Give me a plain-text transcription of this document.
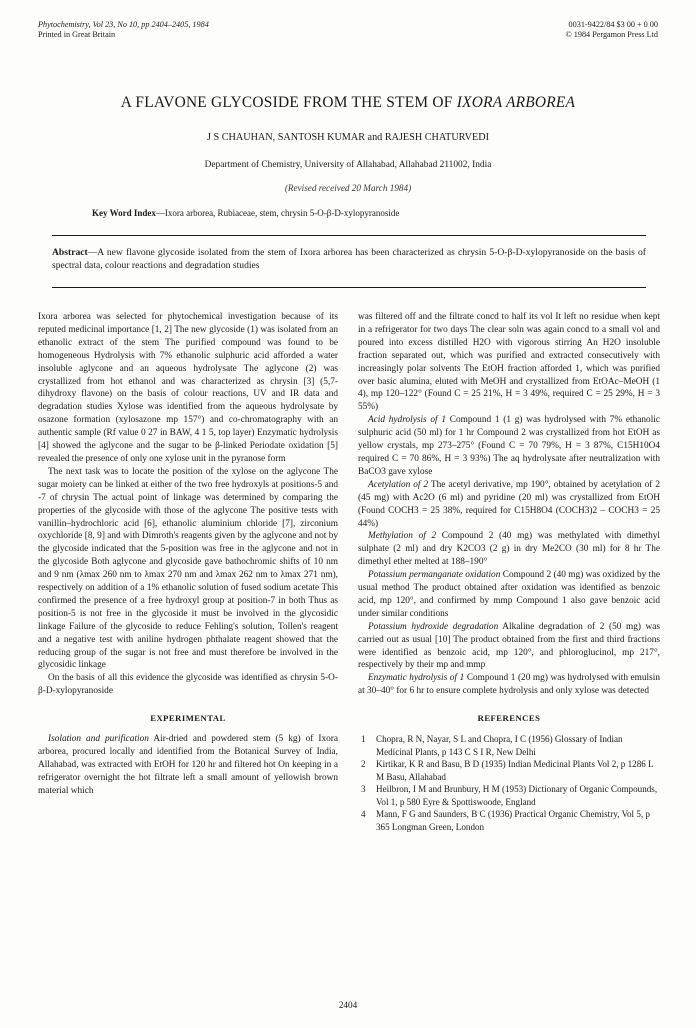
Phytochemistry, Vol 23, No 10, pp 2404–2405, 1984
Printed in Great Britain
0031-9422/84 $3 00 + 0 00
© 1984 Pergamon Press Ltd
A FLAVONE GLYCOSIDE FROM THE STEM OF IXORA ARBOREA
J S CHAUHAN, SANTOSH KUMAR and RAJESH CHATURVEDI
Department of Chemistry, University of Allahabad, Allahabad 211002, India
(Revised received 20 March 1984)
Key Word Index—Ixora arborea, Rubiaceae, stem, chrysin 5-O-β-D-xylopyranoside
Abstract—A new flavone glycoside isolated from the stem of Ixora arborea has been characterized as chrysin 5-O-β-D-xylopyranoside on the basis of spectral data, colour reactions and degradation studies

Ixora arborea was selected for phytochemical investigation because of its reputed medicinal importance [1, 2] The new glycoside (1) was isolated from an ethanolic extract of the stem The purified compound was found to be homogeneous Hydrolysis with 7% ethanolic sulphuric acid afforded a water insoluble aglycone and an aqueous hydrolysate The aglycone (2) was crystallized from hot ethanol and was characterized as chrysin [3] (5,7-dihydroxy flavone) on the basis of colour reactions, UV and IR data and degradation studies Xylose was identified from the aqueous hydrolysate by osazone formation (xylosazone mp 157°) and co-chromatography with an authentic sample (Rf value 0 27 in BAW, 4 1 5, top layer) Enzymatic hydrolysis [4] showed the aglycone and the sugar to be β-linked Periodate oxidation [5] revealed the presence of only one xylose unit in the pyranose form

The next task was to locate the position of the xylose on the aglycone The sugar moiety can be linked at either of the two free hydroxyls at positions-5 and -7 of chrysin The actual point of linkage was determined by comparing the properties of the glycoside with those of the aglycone The positive tests with vanillin–hydrochloric acid [6], ethanolic aluminium chloride [7], zirconium oxychloride [8, 9] and with Dimroth's reagents given by the aglycone and not by the glycoside indicated that the 5-position was free in the aglycone and not in the glycoside Both aglycone and glycoside gave bathochromic shifts of 10 nm and 9 nm (λmax 260 nm to λmax 270 nm and λmax 262 nm to λmax 271 nm), respectively on addition of a 1% ethanolic solution of fused sodium acetate This confirmed the presence of a free hydroxyl group at position-7 in both Thus as position-5 is not free in the glycoside it must be involved in the glycosidic linkage Failure of the glycoside to reduce Fehling's solution, Tollen's reagent and a negative test with aniline hydrogen phthalate reagent showed that the reducing group of the sugar is not free and must therefore be involved in the glycosidic linkage

On the basis of all this evidence the glycoside was identified as chrysin 5-O-β-D-xylopyranoside

EXPERIMENTAL

Isolation and purification Air-dried and powdered stem (5 kg) of Ixora arborea, procured locally and identified from the Botanical Survey of India, Allahabad, was extracted with EtOH for 120 hr and filtered hot On keeping in a refrigerator overnight the hot filtrate left a small amount of yellowish brown material which

was filtered off and the filtrate concd to half its vol It left no residue when kept in a refrigerator for two days The clear soln was again concd to a small vol and poured into excess distilled H2O with vigorous stirring An H2O insoluble fraction separated out, which was purified and extracted consecutively with increasingly polar solvents The EtOH fraction afforded 1, which was purified over basic alumina, eluted with MeOH and crystallized from EtOAc–MeOH (1 4), mp 120–122° (Found C = 25 21%, H = 3 49%, required C = 25 29%, H = 3 55%)

Acid hydrolysis of 1 Compound 1 (1 g) was hydrolysed with 7% ethanolic sulphuric acid (50 ml) for 1 hr Compound 2 was crystallized from hot EtOH as yellow crystals, mp 273–275° (Found C = 70 79%, H = 3 87%, C15H10O4 required C = 70 86%, H = 3 93%) The aq hydrolysate after neutralization with BaCO3 gave xylose

Acetylation of 2 The acetyl derivative, mp 190°, obtained by acetylation of 2 (45 mg) with Ac2O (6 ml) and pyridine (20 ml) was crystallized from EtOH (Found COCH3 = 25 38%, required for C15H8O4 (COCH3)2 – COCH3 = 25 44%)

Methylation of 2 Compound 2 (40 mg) was methylated with dimethyl sulphate (2 ml) and dry K2CO3 (2 g) in dry Me2CO (30 ml) for 8 hr The dimethyl ether melted at 188–190°

Potassium permanganate oxidation Compound 2 (40 mg) was oxidized by the usual method The product obtained after oxidation was identified as benzoic acid, mp 120°, and confirmed by mmp Compound 1 also gave benzoic acid under similar conditions

Potassium hydroxide degradation Alkaline degradation of 2 (50 mg) was carried out as usual [10] The product obtained from the first and third fractions were identified as benzoic acid, mp 120°, and phloroglucinol, mp 217°, respectively by their mp and mmp

Enzymatic hydrolysis of 1 Compound 1 (20 mg) was hydrolysed with emulsin at 30–40° for 6 hr to ensure complete hydrolysis and only xylose was detected

REFERENCES
1 Chopra, R N, Nayar, S L and Chopra, I C (1956) Glossary of Indian Medicinal Plants, p 143 C S I R, New Delhi
2 Kirtikar, K R and Basu, B D (1935) Indian Medicinal Plants Vol 2, p 1286 L M Basu, Allahabad
3 Heilbron, I M and Brunbury, H M (1953) Dictionary of Organic Compounds, Vol 1, p 580 Eyre & Spottiswoode, England
4 Mann, F G and Saunders, B C (1936) Practical Organic Chemistry, Vol 5, p 365 Longman Green, London
2404
